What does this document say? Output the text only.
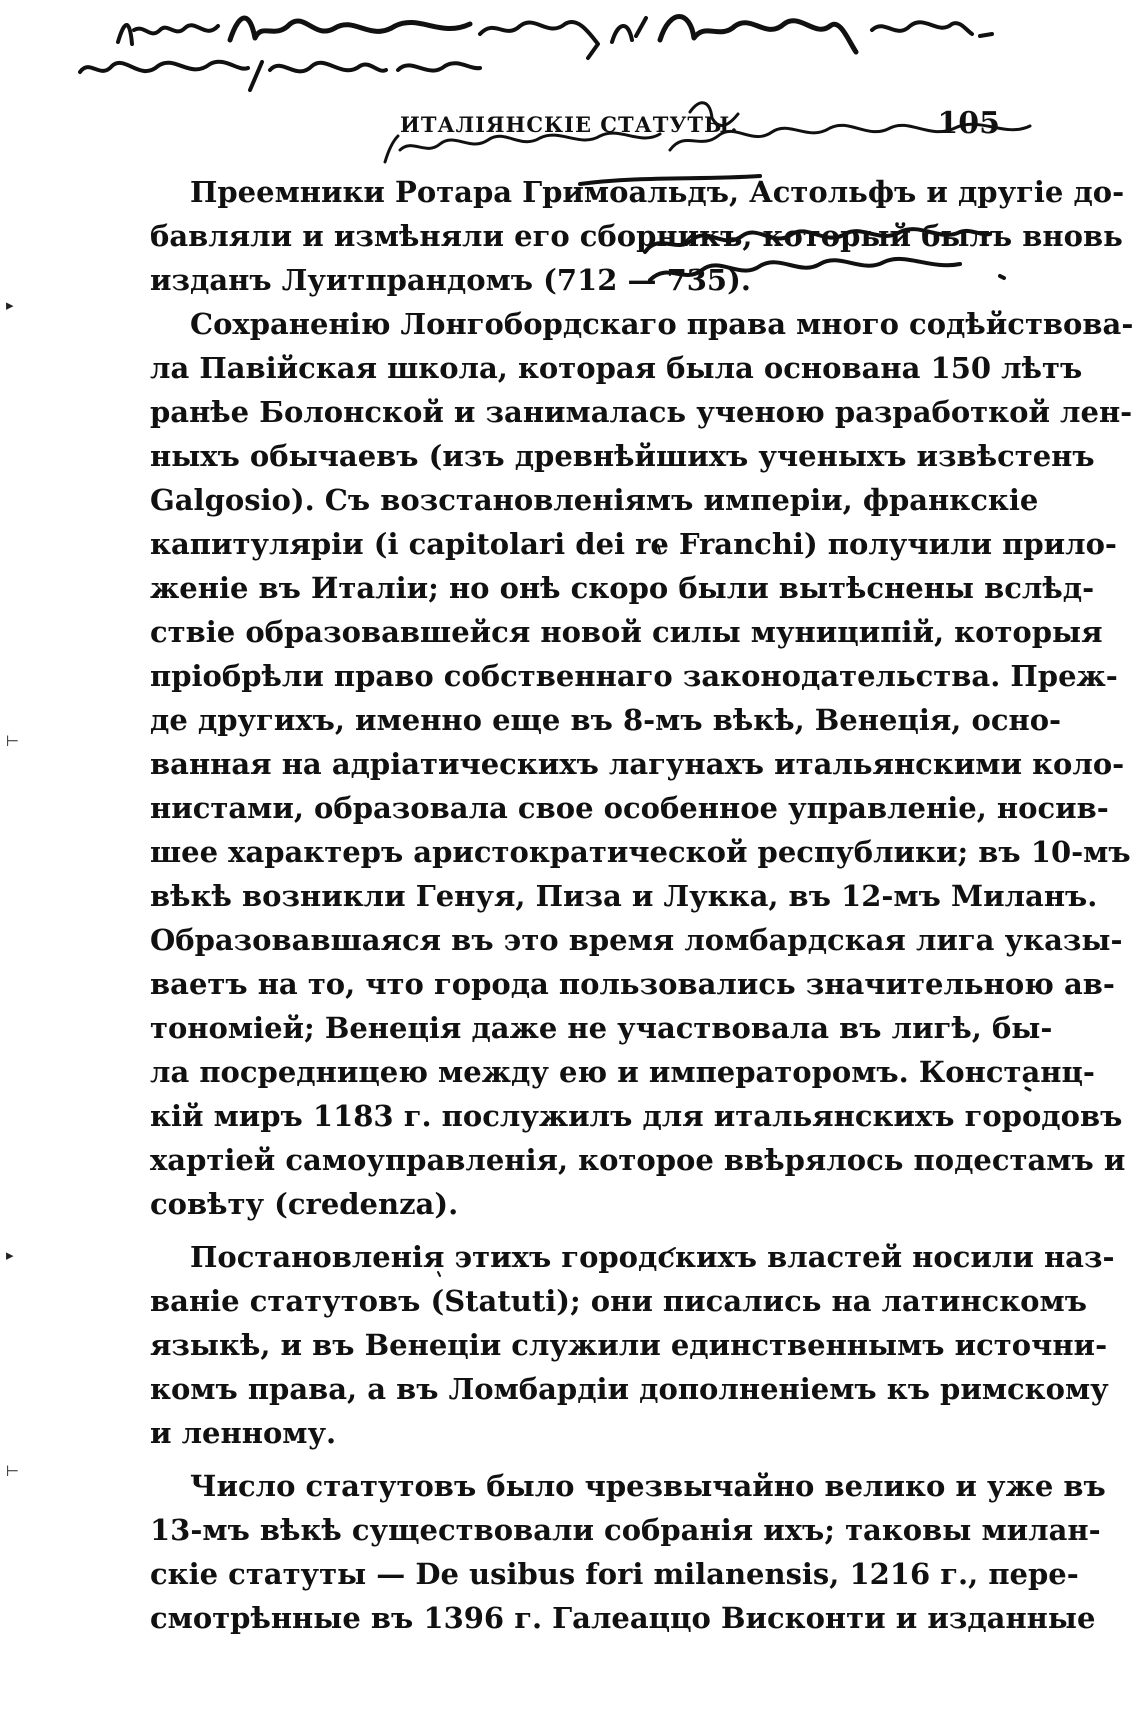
ИТАЛІЯНСКІЕ СТАТУТЫ.	105
▸
⊢
▸
⊢
Преемники Ротара Гримоальдъ, Астольфъ и другіе до-
бавляли и измѣняли его сборникъ, который былъ вновь
изданъ Луитпрандомъ (712 — 735).
Сохраненію Лонгобордскаго права много содѣйствова-
ла Павійская школа, которая была основана 150 лѣтъ
ранѣе Болонской и занималась ученою разработкой лен-
ныхъ обычаевъ (изъ древнѣйшихъ ученыхъ извѣстенъ
Galgosio). Съ возстановленіямъ имперіи, франкскіе
капитуляріи (i capitolari dei re Franchi) получили прило-
женіе въ Италіи; но онѣ скоро были вытѣснены вслѣд-
ствіе образовавшейся новой силы муниципій, которыя
пріобрѣли право собственнаго законодательства. Преж-
де другихъ, именно еще въ 8-мъ вѣкѣ, Венеція, осно-
ванная на адріатическихъ лагунахъ итальянскими коло-
нистами, образовала свое особенное управленіе, носив-
шее характеръ аристократической республики; въ 10-мъ
вѣкѣ возникли Генуя, Пиза и Лукка, въ 12-мъ Миланъ.
Образовавшаяся въ это время ломбардская лига указы-
ваетъ на то, что города пользовались значительною ав-
тономіей; Венеція даже не участвовала въ лигѣ, бы-
ла посредницею между ею и императоромъ. Констанц-
кій миръ 1183 г. послужилъ для итальянскихъ городовъ
хартіей самоуправленія, которое ввѣрялось подестамъ и
совѣту (credenza).
Постановленія этихъ городскихъ властей носили наз-
ваніе статутовъ (Statuti); они писались на латинскомъ
языкѣ, и въ Венеціи служили единственнымъ источни-
комъ права, а въ Ломбардіи дополненіемъ къ римскому
и ленному.
Число статутовъ было чрезвычайно велико и уже въ
13-мъ вѣкѣ существовали собранія ихъ; таковы милан-
скіе статуты — De usibus fori milanensis, 1216 г., пере-
смотрѣнные въ 1396 г. Галеаццо Висконти и изданные
